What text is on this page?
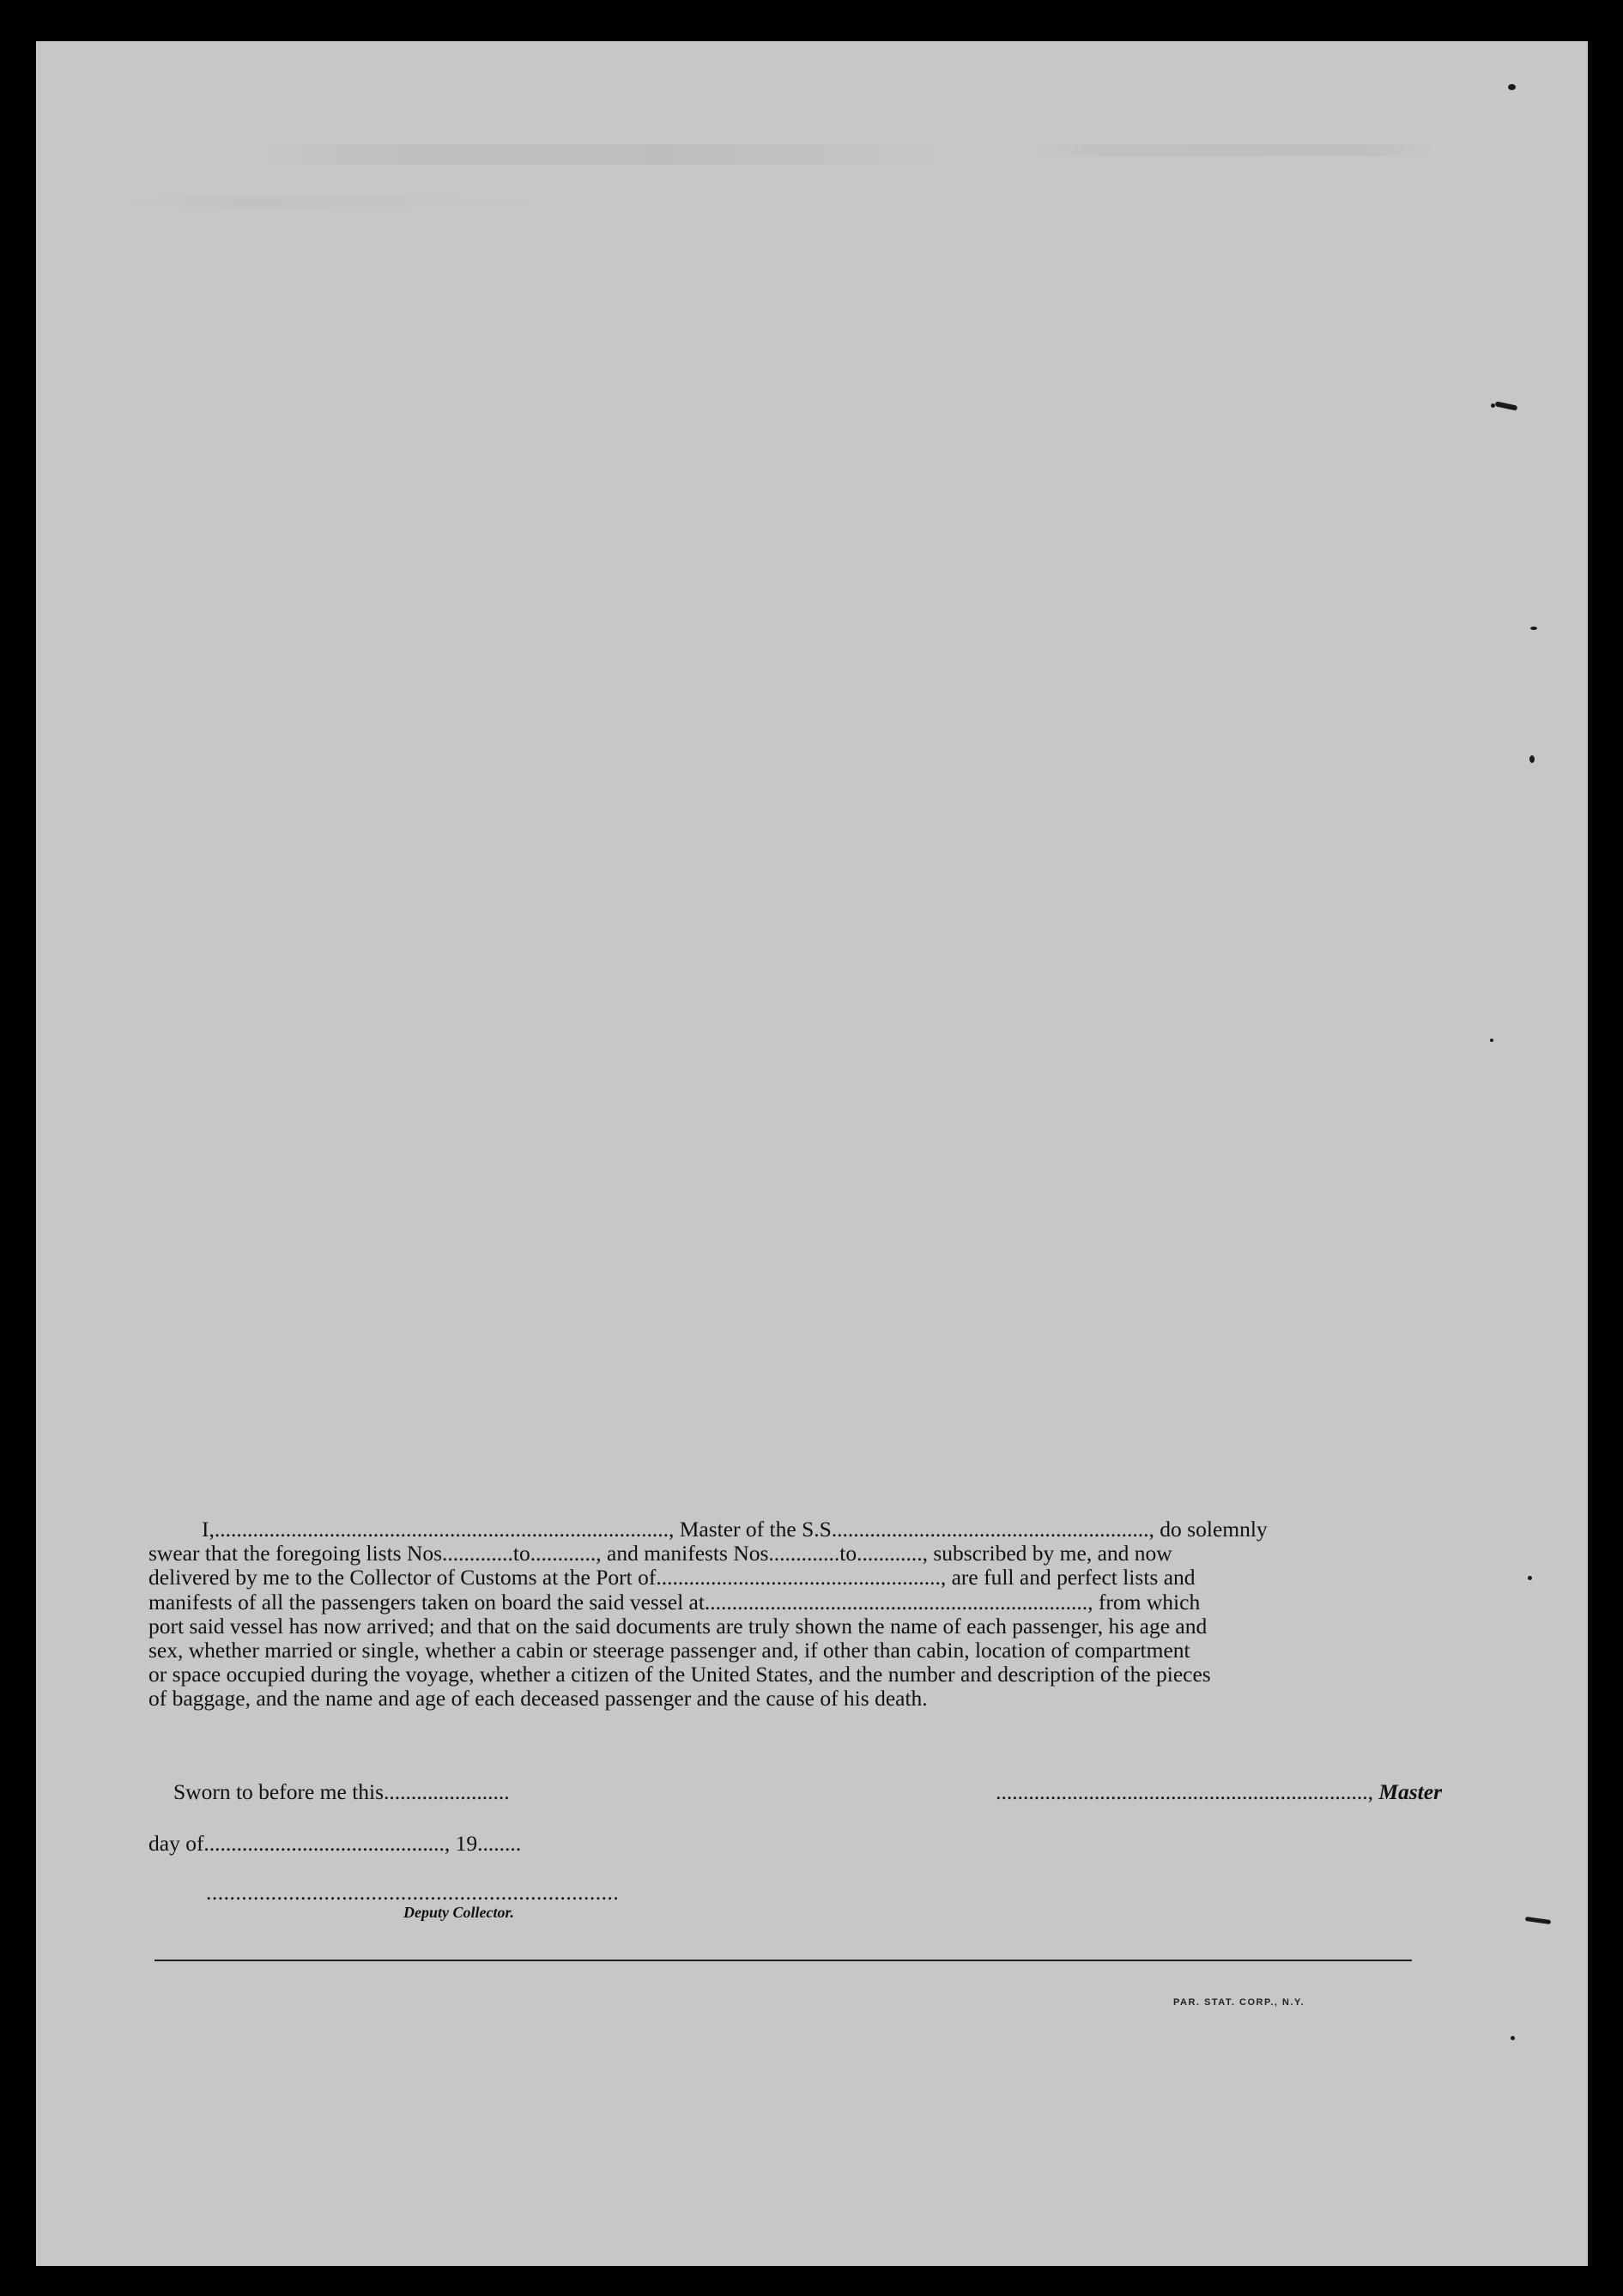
I,..................................................................................., Master of the S.S.........................................................., do solemnly

swear that the foregoing lists Nos.............to............, and manifests Nos.............to............, subscribed by me, and now

delivered by me to the Collector of Customs at the Port of...................................................., are full and perfect lists and

manifests of all the passengers taken on board the said vessel at......................................................................, from which

port said vessel has now arrived; and that on the said documents are truly shown the name of each passenger, his age and

sex, whether married or single, whether a cabin or steerage passenger and, if other than cabin, location of compartment

or space occupied during the voyage, whether a citizen of the United States, and the number and description of the pieces

of baggage, and the name and age of each deceased passenger and the cause of his death.

Sworn to before me this.......................	...................................................................., Master
day of............................................, 19........
......................................................................
Deputy Collector.
PAR. STAT. CORP., N.Y.
